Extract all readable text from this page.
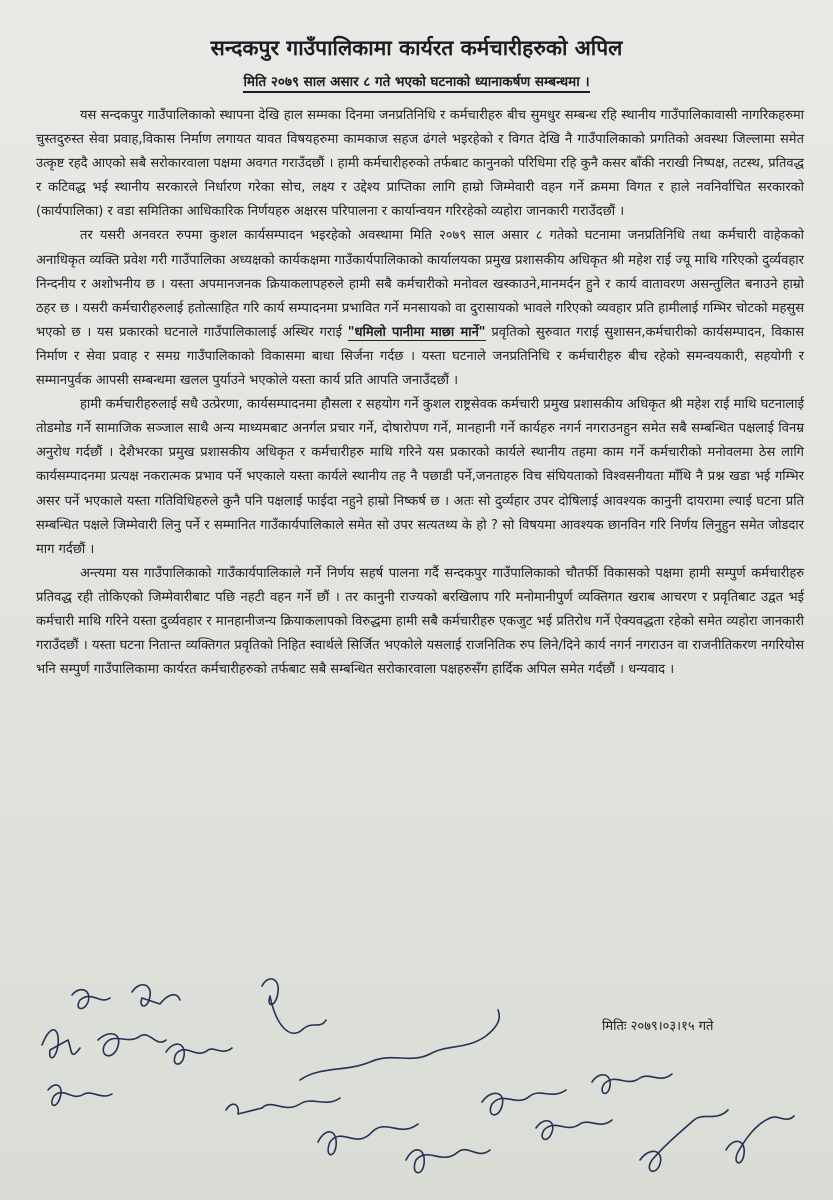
सन्दकपुर गाउँपालिकामा कार्यरत कर्मचारीहरुको अपिल
मिति २०७९ साल असार ८ गते भएको घटनाको ध्यानाकर्षण सम्बन्धमा ।

यस सन्दकपुर गाउँपालिकाको स्थापना देखि हाल सम्मका दिनमा जनप्रतिनिधि र कर्मचारीहरु बीच सुमधुर सम्बन्ध रहि स्थानीय गाउँपालिकावासी नागरिकहरुमा चुस्तदुरुस्त सेवा प्रवाह,विकास निर्माण लगायत यावत विषयहरुमा कामकाज सहज ढंगले भइरहेको र विगत देखि नै गाउँपालिकाको प्रगतिको अवस्था जिल्लामा समेत उत्कृष्ट रहदै आएको सबै सरोकारवाला पक्षमा अवगत गराउँदछौं । हामी कर्मचारीहरुको तर्फबाट कानुनको परिधिमा रहि कुनै कसर बाँकी नराखी निष्पक्ष, तटस्थ, प्रतिवद्ध र कटिवद्ध भई स्थानीय सरकारले निर्धारण गरेका सोच, लक्ष्य र उद्देश्य प्राप्तिका लागि हाम्रो जिम्मेवारी वहन गर्ने क्रममा विगत र हाले नवनिर्वाचित सरकारको (कार्यपालिका) र वडा समितिका आधिकारिक निर्णयहरु अक्षरस परिपालना र कार्यान्वयन गरिरहेको व्यहोरा जानकारी गराउँदछौं ।

तर यसरी अनवरत रुपमा कुशल कार्यसम्पादन भइरहेको अवस्थामा मिति २०७९ साल असार ८ गतेको घटनामा जनप्रतिनिधि तथा कर्मचारी वाहेकको अनाधिकृत व्यक्ति प्रवेश गरी गाउँपालिका अध्यक्षको कार्यकक्षमा गाउँकार्यपालिकाको कार्यालयका प्रमुख प्रशासकीय अधिकृत श्री महेश राई ज्यू माथि गरिएको दुर्व्यवहार निन्दनीय र अशोभनीय छ । यस्ता अपमानजनक क्रियाकलापहरुले हामी सबै कर्मचारीको मनोवल खस्काउने,मानमर्दन हुने र कार्य वातावरण असन्तुलित बनाउने हाम्रो ठहर छ । यसरी कर्मचारीहरुलाई हतोत्साहित गरि कार्य सम्पादनमा प्रभावित गर्ने मनसायको वा दुरासायको भावले गरिएको व्यवहार प्रति हामीलाई गम्भिर चोटको महसुस भएको छ । यस प्रकारको घटनाले गाउँपालिकालाई अस्थिर गराई "धमिलो पानीमा माछा मार्ने" प्रवृतिको सुरुवात गराई सुशासन,कर्मचारीको कार्यसम्पादन, विकास निर्माण र सेवा प्रवाह र समग्र गाउँपालिकाको विकासमा बाधा सिर्जना गर्दछ । यस्ता घटनाले जनप्रतिनिधि र कर्मचारीहरु बीच रहेको समन्वयकारी, सहयोगी र सम्मानपुर्वक आपसी सम्बन्धमा खलल पुर्याउने भएकोले यस्ता कार्य प्रति आपति जनाउँदछौं ।

हामी कर्मचारीहरुलाई सधै उत्प्रेरणा, कार्यसम्पादनमा हौसला र सहयोग गर्ने कुशल राष्ट्रसेवक कर्मचारी प्रमुख प्रशासकीय अधिकृत श्री महेश राई माथि घटनालाई तोडमोड गर्ने सामाजिक सञ्जाल साथै अन्य माध्यमबाट अनर्गल प्रचार गर्ने, दोषारोपण गर्ने, मानहानी गर्ने कार्यहरु नगर्न नगराउनहुन समेत सबै सम्बन्धित पक्षलाई विनम्र अनुरोध गर्दछौं । देशैभरका प्रमुख प्रशासकीय अधिकृत र कर्मचारीहरु माथि गरिने यस प्रकारको कार्यले स्थानीय तहमा काम गर्ने कर्मचारीको मनोवलमा ठेस लागि कार्यसम्पादनमा प्रत्यक्ष नकरात्मक प्रभाव पर्ने भएकाले यस्ता कार्यले स्थानीय तह नै पछाडी पर्ने,जनताहरु विच संघियताको विश्वसनीयता माँथि नै प्रश्न खडा भई गम्भिर असर पर्ने भएकाले यस्ता गतिविधिहरुले कुनै पनि पक्षलाई फाईदा नहुने हाम्रो निष्कर्ष छ । अतः सो दुर्व्यहार उपर दोषिलाई आवश्यक कानुनी दायरामा ल्याई घटना प्रति सम्बन्धित पक्षले जिम्मेवारी लिनु पर्ने र सम्मानित गाउँकार्यपालिकाले समेत सो उपर सत्यतथ्य के हो ? सो विषयमा आवश्यक छानविन गरि निर्णय लिनुहुन समेत जोडदार माग गर्दछौं ।

अन्त्यमा यस गाउँपालिकाको गाउँकार्यपालिकाले गर्ने निर्णय सहर्ष पालना गर्दै सन्दकपुर गाउँपालिकाको चौतर्फी विकासको पक्षमा हामी सम्पुर्ण कर्मचारीहरु प्रतिवद्ध रही तोकिएको जिम्मेवारीबाट पछि नहटी वहन गर्ने छौं । तर कानुनी राज्यको बरखिलाप गरि मनोमानीपुर्ण व्यक्तिगत खराब आचरण र प्रवृतिबाट उद्वत भई कर्मचारी माथि गरिने यस्ता दुर्व्यवहार र मानहानीजन्य क्रियाकलापको विरुद्धमा हामी सबै कर्मचारीहरु एकजुट भई प्रतिरोध गर्ने ऐक्यवद्धता रहेको समेत व्यहोरा जानकारी गराउँदछौं । यस्ता घटना नितान्त व्यक्तिगत प्रवृतिको निहित स्वार्थले सिर्जित भएकोले यसलाई राजनितिक रुप लिने/दिने कार्य नगर्न नगराउन वा राजनीतिकरण नगरियोस भनि सम्पुर्ण गाउँपालिकामा कार्यरत कर्मचारीहरुको तर्फबाट सबै सम्बन्धित सरोकारवाला पक्षहरुसँग हार्दिक अपिल समेत गर्दछौं । धन्यवाद ।

मितिः २०७९।०३।१५ गते
